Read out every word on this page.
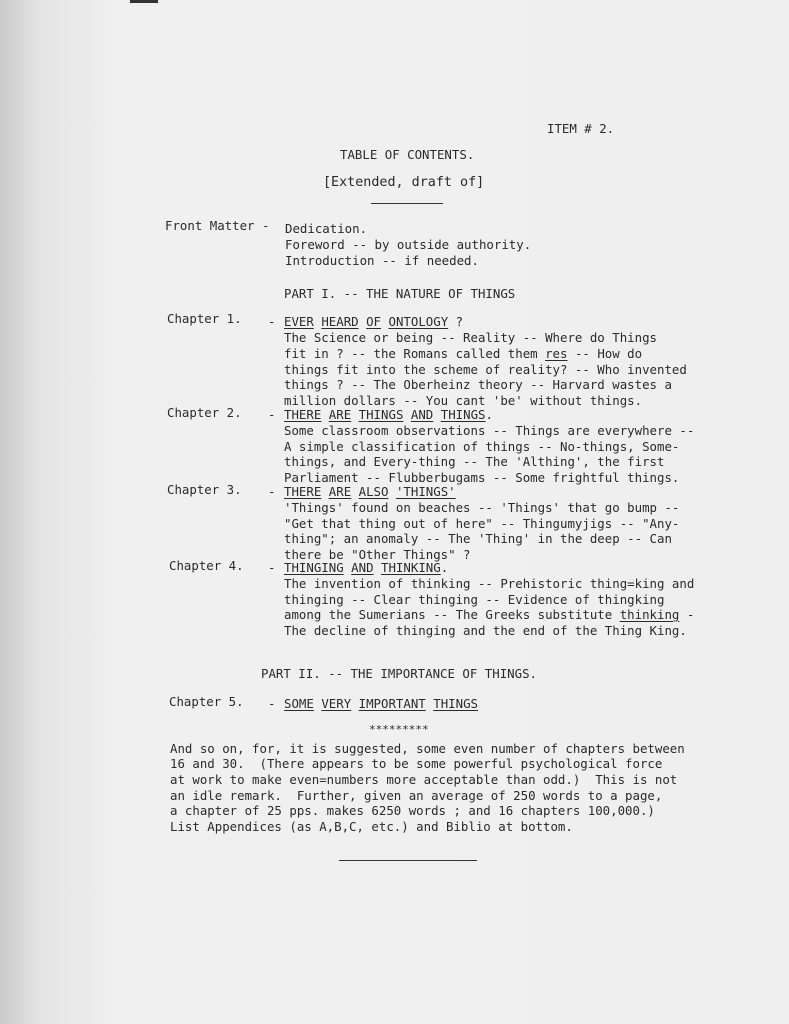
ITEM # 2.
TABLE OF CONTENTS.
[Extended, draft of]
Front Matter - Dedication.
Foreword -- by outside authority.
Introduction -- if needed.
PART I. -- THE NATURE OF THINGS
Chapter 1. - EVER HEARD OF ONTOLOGY ?
The Science or being -- Reality -- Where do Things
fit in ? -- the Romans called them res -- How do
things fit into the scheme of reality? -- Who invented
things ? -- The Oberheinz theory -- Harvard wastes a
million dollars -- You cant 'be' without things.
Chapter 2. - THERE ARE THINGS AND THINGS.
Some classroom observations -- Things are everywhere --
A simple classification of things -- No-things, Some-
things, and Every-thing -- The 'Althing', the first
Parliament -- Flubberbugams -- Some frightful things.
Chapter 3. - THERE ARE ALSO 'THINGS'
'Things' found on beaches -- 'Things' that go bump --
"Get that thing out of here" -- Thingumyjigs -- "Any-
thing"; an anomaly -- The 'Thing' in the deep -- Can
there be "Other Things" ?
Chapter 4. - THINGING AND THINKING.
The invention of thinking -- Prehistoric thing=king and
thinging -- Clear thinging -- Evidence of thingking
among the Sumerians -- The Greeks substitute thinking -
The decline of thinging and the end of the Thing King.
PART II. -- THE IMPORTANCE OF THINGS.
Chapter 5. - SOME VERY IMPORTANT THINGS
*********
And so on, for, it is suggested, some even number of chapters between
16 and 30.  (There appears to be some powerful psychological force
at work to make even=numbers more acceptable than odd.)  This is not
an idle remark.  Further, given an average of 250 words to a page,
a chapter of 25 pps. makes 6250 words ; and 16 chapters 100,000.)
List Appendices (as A,B,C, etc.) and Biblio at bottom.
